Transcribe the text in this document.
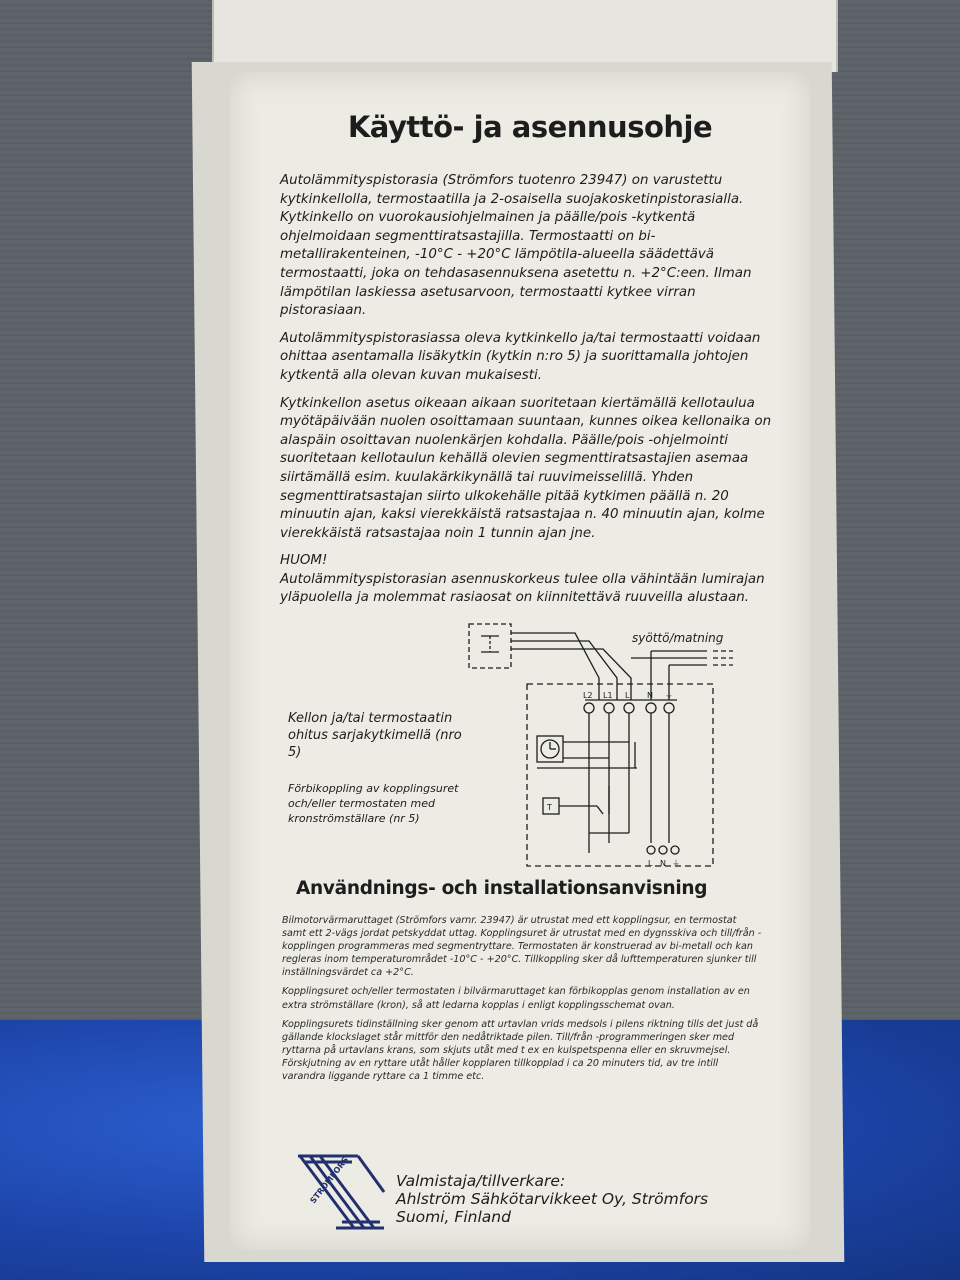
Käyttö- ja asennusohje

Autolämmityspistorasia (Strömfors tuotenro 23947) on varustettu kytkinkellolla, termostaatilla ja 2-osaisella suojakosketinpistorasialla. Kytkinkello on vuorokausiohjelmainen ja päälle/pois -kytkentä ohjelmoidaan segmenttiratsastajilla. Termostaatti on bi-metallirakenteinen, -10°C - +20°C lämpötila-alueella säädettävä termostaatti, joka on tehdasasennuksena asetettu n. +2°C:een. Ilman lämpötilan laskiessa asetusarvoon, termostaatti kytkee virran pistorasiaan.

Autolämmityspistorasiassa oleva kytkinkello ja/tai termostaatti voidaan ohittaa asentamalla lisäkytkin (kytkin n:ro 5) ja suorittamalla johtojen kytkentä alla olevan kuvan mukaisesti.

Kytkinkellon asetus oikeaan aikaan suoritetaan kiertämällä kellotaulua myötäpäivään nuolen osoittamaan suuntaan, kunnes oikea kellonaika on alaspäin osoittavan nuolenkärjen kohdalla. Päälle/pois -ohjelmointi suoritetaan kellotaulun kehällä olevien segmenttiratsastajien asemaa siirtämällä esim. kuulakärkikynällä tai ruuvimeisselillä. Yhden segmenttiratsastajan siirto ulkokehälle pitää kytkimen päällä n. 20 minuutin ajan, kaksi vierekkäistä ratsastajaa n. 40 minuutin ajan, kolme vierekkäistä ratsastajaa noin 1 tunnin ajan jne.

HUOM!

Autolämmityspistorasian asennuskorkeus tulee olla vähintään lumirajan yläpuolella ja molemmat rasiaosat on kiinnitettävä ruuveilla alustaan.

Kellon ja/tai termostaatin ohitus sarjakytkimellä (nro 5)
Förbikoppling av kopplingsuret och/eller termostaten med kronströmställare (nr 5)
syöttö/matning
L2 L1 L N ⏚
L N ⏚
T
Användnings- och installationsanvisning

Bilmotorvärmaruttaget (Strömfors varnr. 23947) är utrustat med ett kopplingsur, en termostat samt ett 2-vägs jordat petskyddat uttag. Kopplingsuret är utrustat med en dygnsskiva och till/från -kopplingen programmeras med segmentryttare. Termostaten är konstruerad av bi-metall och kan regleras inom temperaturområdet -10°C - +20°C. Tillkoppling sker då lufttemperaturen sjunker till inställningsvärdet ca +2°C.

Kopplingsuret och/eller termostaten i bilvärmaruttaget kan förbikopplas genom installation av en extra strömställare (kron), så att ledarna kopplas i enligt kopplingsschemat ovan.

Kopplingsurets tidinställning sker genom att urtavlan vrids medsols i pilens riktning tills det just då gällande klockslaget står mittför den nedåtriktade pilen. Till/från -programmeringen sker med ryttarna på urtavlans krans, som skjuts utåt med t ex en kulspetspenna eller en skruvmejsel. Förskjutning av en ryttare utåt håller kopplaren tillkopplad i ca 20 minuters tid, av tre intill varandra liggande ryttare ca 1 timme etc.

STRÖMFORS	Valmistaja/tillverkare:
Ahlström Sähkötarvikkeet Oy, Strömfors
Suomi, Finland
